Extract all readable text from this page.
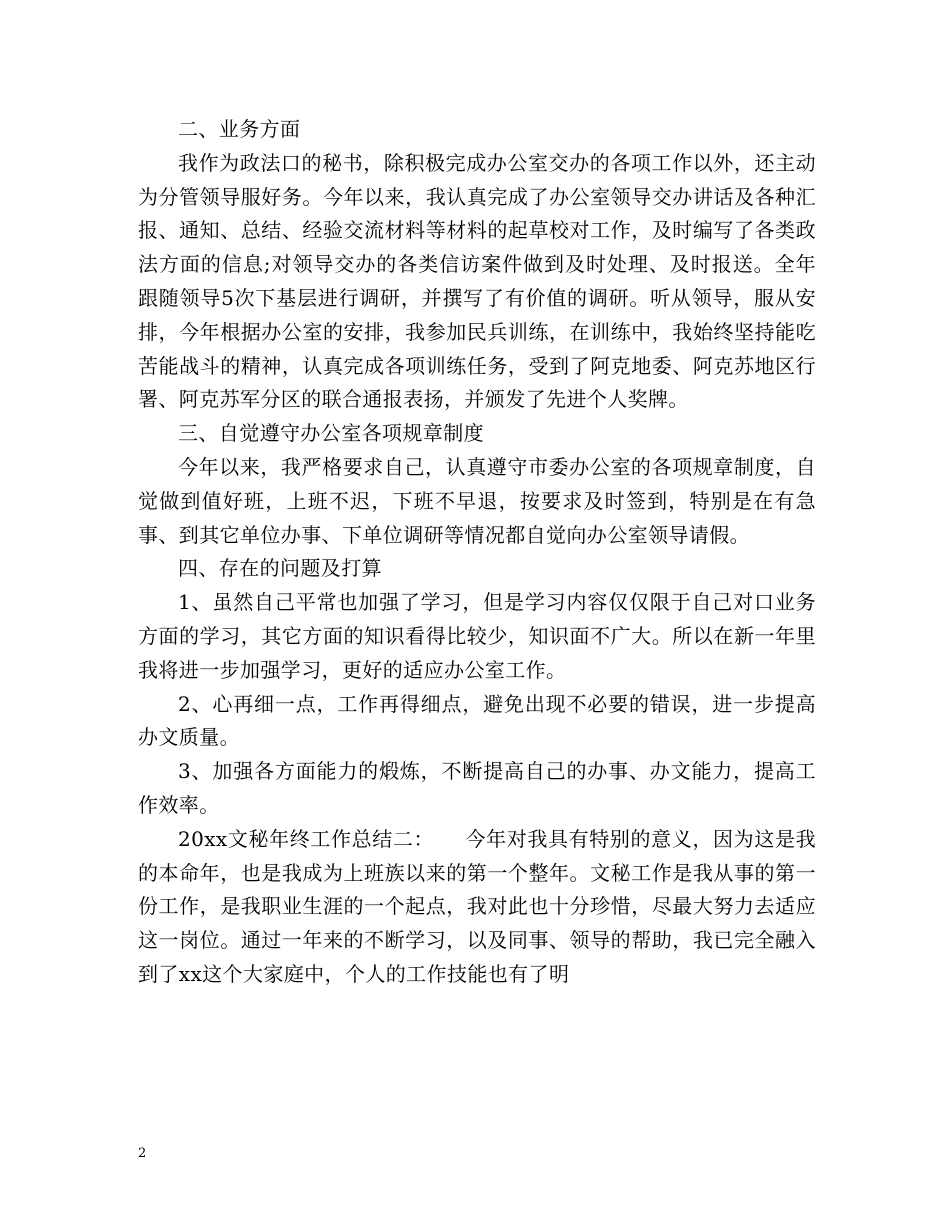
二、业务方面

我作为政法口的秘书，除积极完成办公室交办的各项工作以外，还主动为分管领导服好务。今年以来，我认真完成了办公室领导交办讲话及各种汇报、通知、总结、经验交流材料等材料的起草校对工作，及时编写了各类政法方面的信息;对领导交办的各类信访案件做到及时处理、及时报送。全年跟随领导5次下基层进行调研，并撰写了有价值的调研。听从领导，服从安排，今年根据办公室的安排，我参加民兵训练，在训练中，我始终坚持能吃苦能战斗的精神，认真完成各项训练任务，受到了阿克地委、阿克苏地区行署、阿克苏军分区的联合通报表扬，并颁发了先进个人奖牌。

三、自觉遵守办公室各项规章制度

今年以来，我严格要求自己，认真遵守市委办公室的各项规章制度，自觉做到值好班，上班不迟，下班不早退，按要求及时签到，特别是在有急事、到其它单位办事、下单位调研等情况都自觉向办公室领导请假。

四、存在的问题及打算

1、虽然自己平常也加强了学习，但是学习内容仅仅限于自己对口业务方面的学习，其它方面的知识看得比较少，知识面不广大。所以在新一年里我将进一步加强学习，更好的适应办公室工作。

2、心再细一点，工作再得细点，避免出现不必要的错误，进一步提高办文质量。

3、加强各方面能力的煅炼，不断提高自己的办事、办文能力，提高工作效率。

20xx文秘年终工作总结二：　　今年对我具有特别的意义，因为这是我的本命年，也是我成为上班族以来的第一个整年。文秘工作是我从事的第一份工作，是我职业生涯的一个起点，我对此也十分珍惜，尽最大努力去适应这一岗位。通过一年来的不断学习，以及同事、领导的帮助，我已完全融入到了xx这个大家庭中，个人的工作技能也有了明

2
